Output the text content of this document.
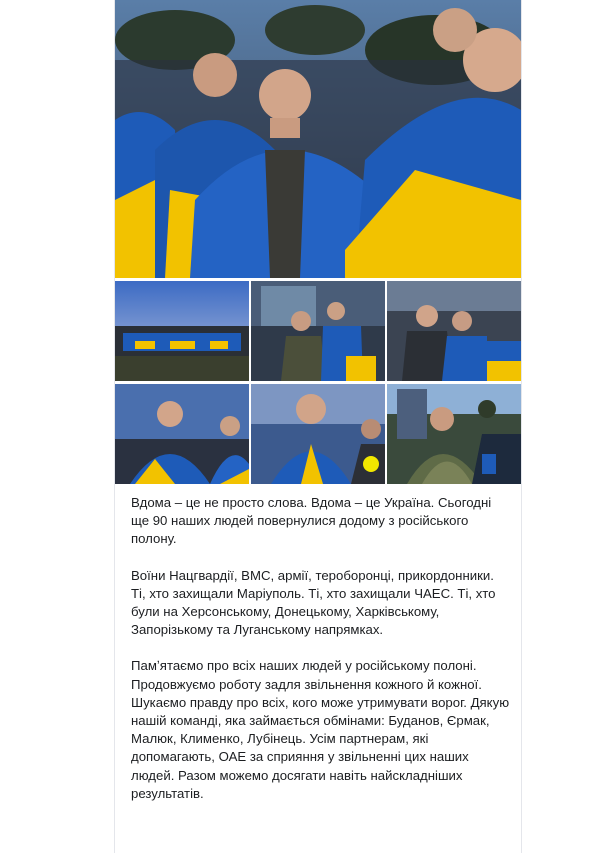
Вдома – це не просто слова. Вдома – це Україна. Сьогодні ще 90 наших людей повернулися додому з російського полону.

Воїни Нацгвардії, ВМС, армії, тероборонці, прикордонники. Ті, хто захищали Маріуполь. Ті, хто захищали ЧАЕС. Ті, хто були на Херсонському, Донецькому, Харківському, Запорізькому та Луганському напрямках.

Памʼятаємо про всіх наших людей у російському полоні. Продовжуємо роботу задля звільнення кожного й кожної. Шукаємо правду про всіх, кого може утримувати ворог. Дякую нашій команді, яка займається обмінами: Буданов, Єрмак, Малюк, Клименко, Лубінець. Усім партнерам, які допомагають, ОАЕ за сприяння у звільненні цих наших людей. Разом можемо досягати навіть найскладніших результатів.
